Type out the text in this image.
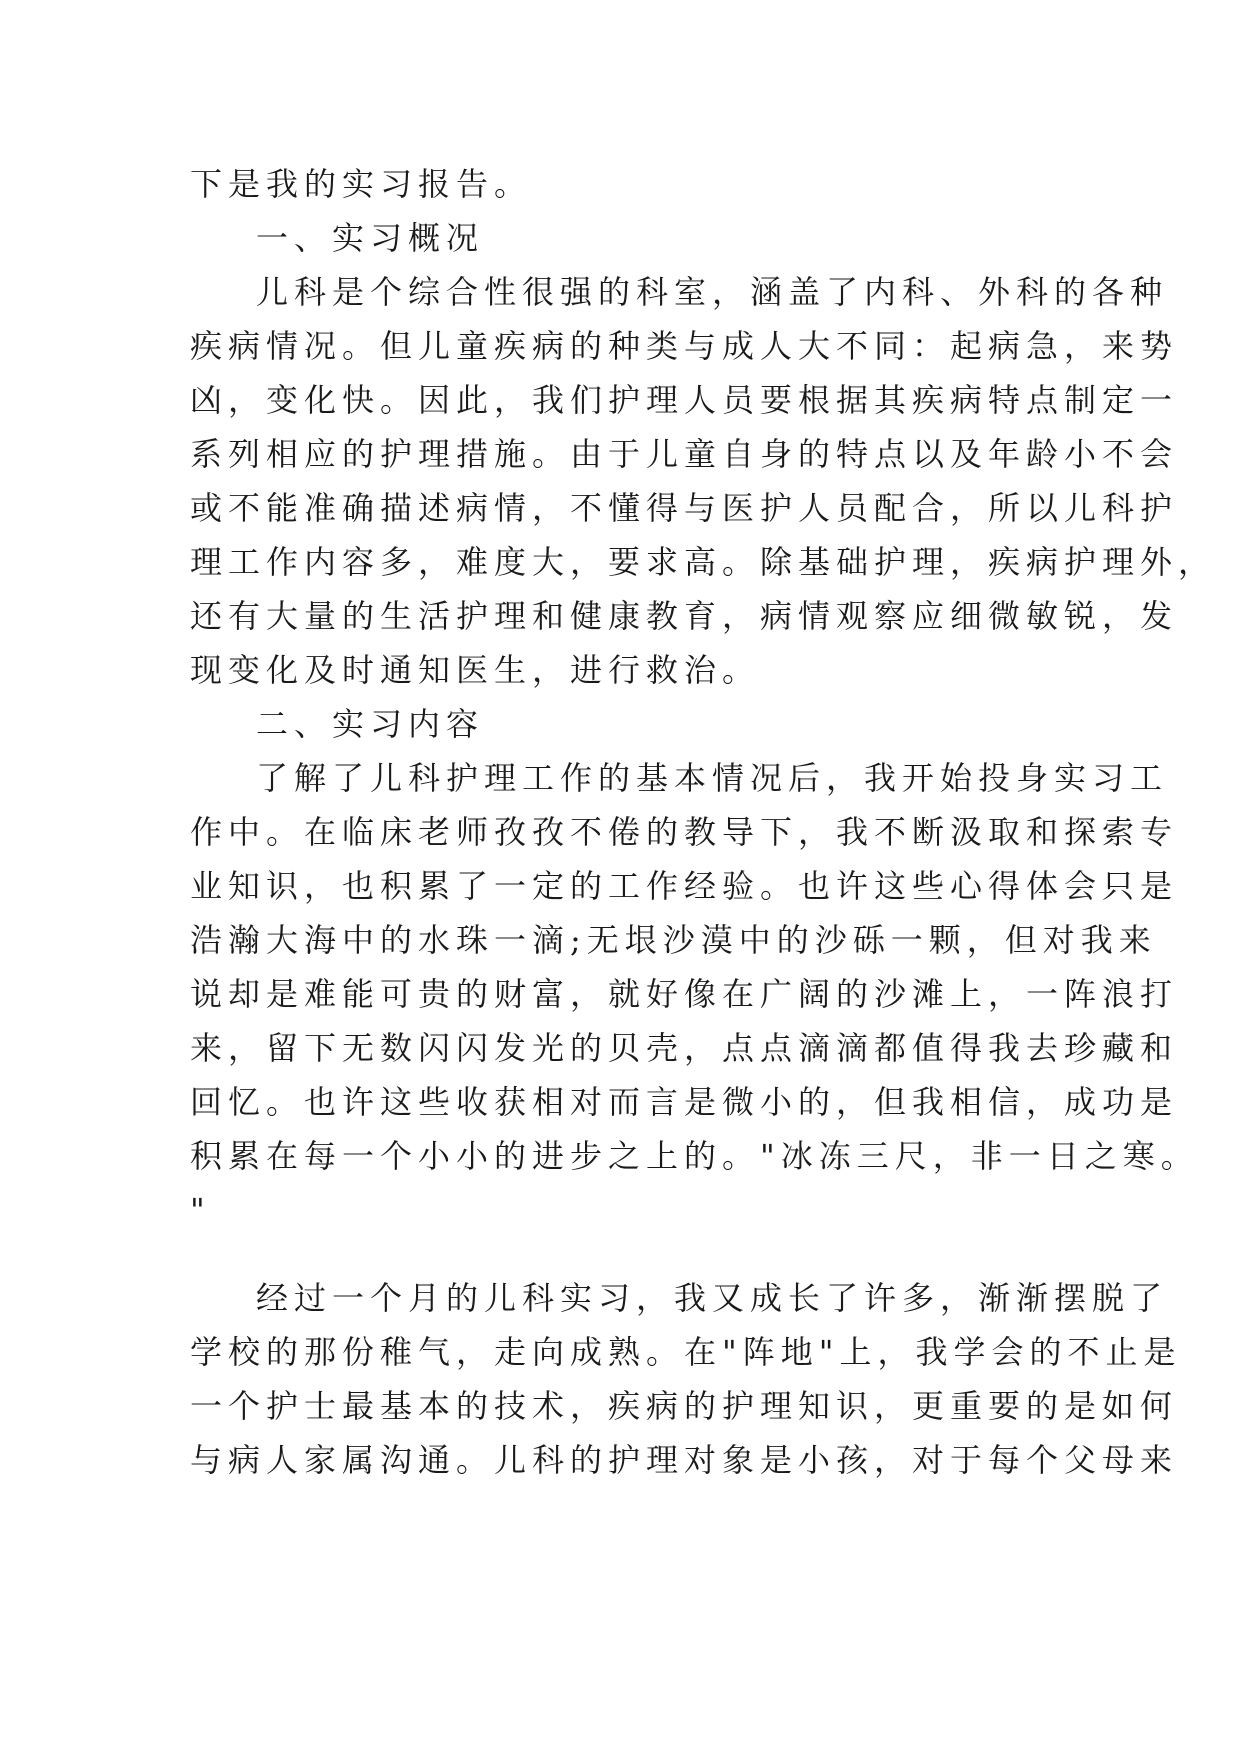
下是我的实习报告。
一、实习概况
儿科是个综合性很强的科室，涵盖了内科、外科的各种
疾病情况。但儿童疾病的种类与成人大不同：起病急，来势
凶，变化快。因此，我们护理人员要根据其疾病特点制定一
系列相应的护理措施。由于儿童自身的特点以及年龄小不会
或不能准确描述病情，不懂得与医护人员配合，所以儿科护
理工作内容多，难度大，要求高。除基础护理，疾病护理外，
还有大量的生活护理和健康教育，病情观察应细微敏锐，发
现变化及时通知医生，进行救治。
二、实习内容
了解了儿科护理工作的基本情况后，我开始投身实习工
作中。在临床老师孜孜不倦的教导下，我不断汲取和探索专
业知识，也积累了一定的工作经验。也许这些心得体会只是
浩瀚大海中的水珠一滴;无垠沙漠中的沙砾一颗，但对我来
说却是难能可贵的财富，就好像在广阔的沙滩上，一阵浪打
来，留下无数闪闪发光的贝壳，点点滴滴都值得我去珍藏和
回忆。也许这些收获相对而言是微小的，但我相信，成功是
积累在每一个小小的进步之上的。"冰冻三尺，非一日之寒。
"
经过一个月的儿科实习，我又成长了许多，渐渐摆脱了
学校的那份稚气，走向成熟。在"阵地"上，我学会的不止是
一个护士最基本的技术，疾病的护理知识，更重要的是如何
与病人家属沟通。儿科的护理对象是小孩，对于每个父母来
